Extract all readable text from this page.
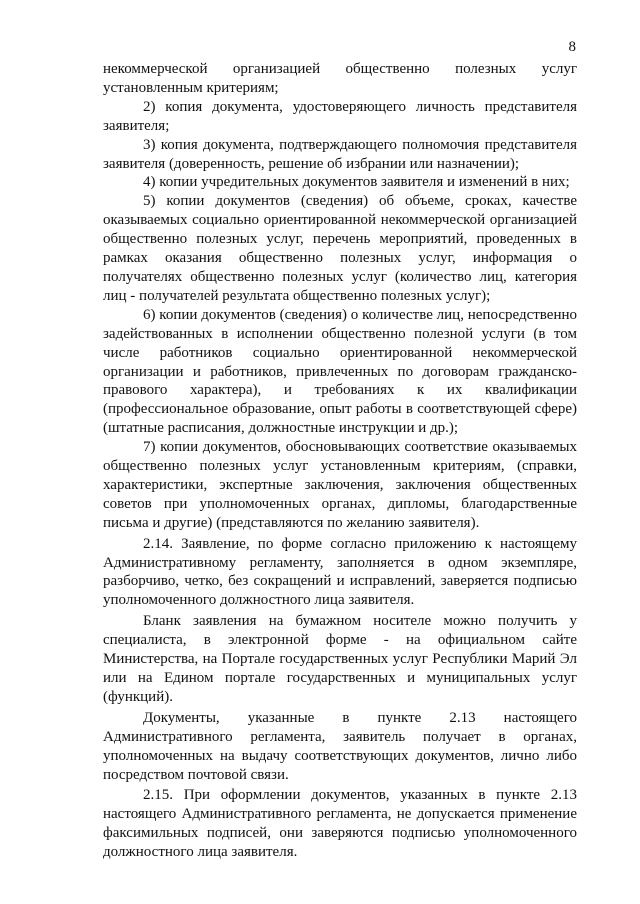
8

некоммерческой организацией общественно полезных услуг установленным критериям;

2) копия документа, удостоверяющего личность представителя заявителя;

3) копия документа, подтверждающего полномочия представителя заявителя (доверенность, решение об избрании или назначении);

4) копии учредительных документов заявителя и изменений в них;

5) копии документов (сведения) об объеме, сроках, качестве оказываемых социально ориентированной некоммерческой организацией общественно полезных услуг, перечень мероприятий, проведенных в рамках оказания общественно полезных услуг, информация о получателях общественно полезных услуг (количество лиц, категория лиц - получателей результата общественно полезных услуг);

6) копии документов (сведения) о количестве лиц, непосредственно задействованных в исполнении общественно полезной услуги (в том числе работников социально ориентированной некоммерческой организации и работников, привлеченных по договорам гражданско-правового характера), и требованиях к их квалификации (профессиональное образование, опыт работы в соответствующей сфере) (штатные расписания, должностные инструкции и др.);

7) копии документов, обосновывающих соответствие оказываемых общественно полезных услуг установленным критериям, (справки, характеристики, экспертные заключения, заключения общественных советов при уполномоченных органах, дипломы, благодарственные письма и другие) (представляются по желанию заявителя).

2.14. Заявление, по форме согласно приложению к настоящему Административному регламенту, заполняется в одном экземпляре, разборчиво, четко, без сокращений и исправлений, заверяется подписью уполномоченного должностного лица заявителя.

Бланк заявления на бумажном носителе можно получить у специалиста, в электронной форме - на официальном сайте Министерства, на Портале государственных услуг Республики Марий Эл или на Едином портале государственных и муниципальных услуг (функций).

Документы, указанные в пункте 2.13 настоящего Административного регламента, заявитель получает в органах, уполномоченных на выдачу соответствующих документов, лично либо посредством почтовой связи.

2.15. При оформлении документов, указанных в пункте 2.13 настоящего Административного регламента, не допускается применение факсимильных подписей, они заверяются подписью уполномоченного должностного лица заявителя.
